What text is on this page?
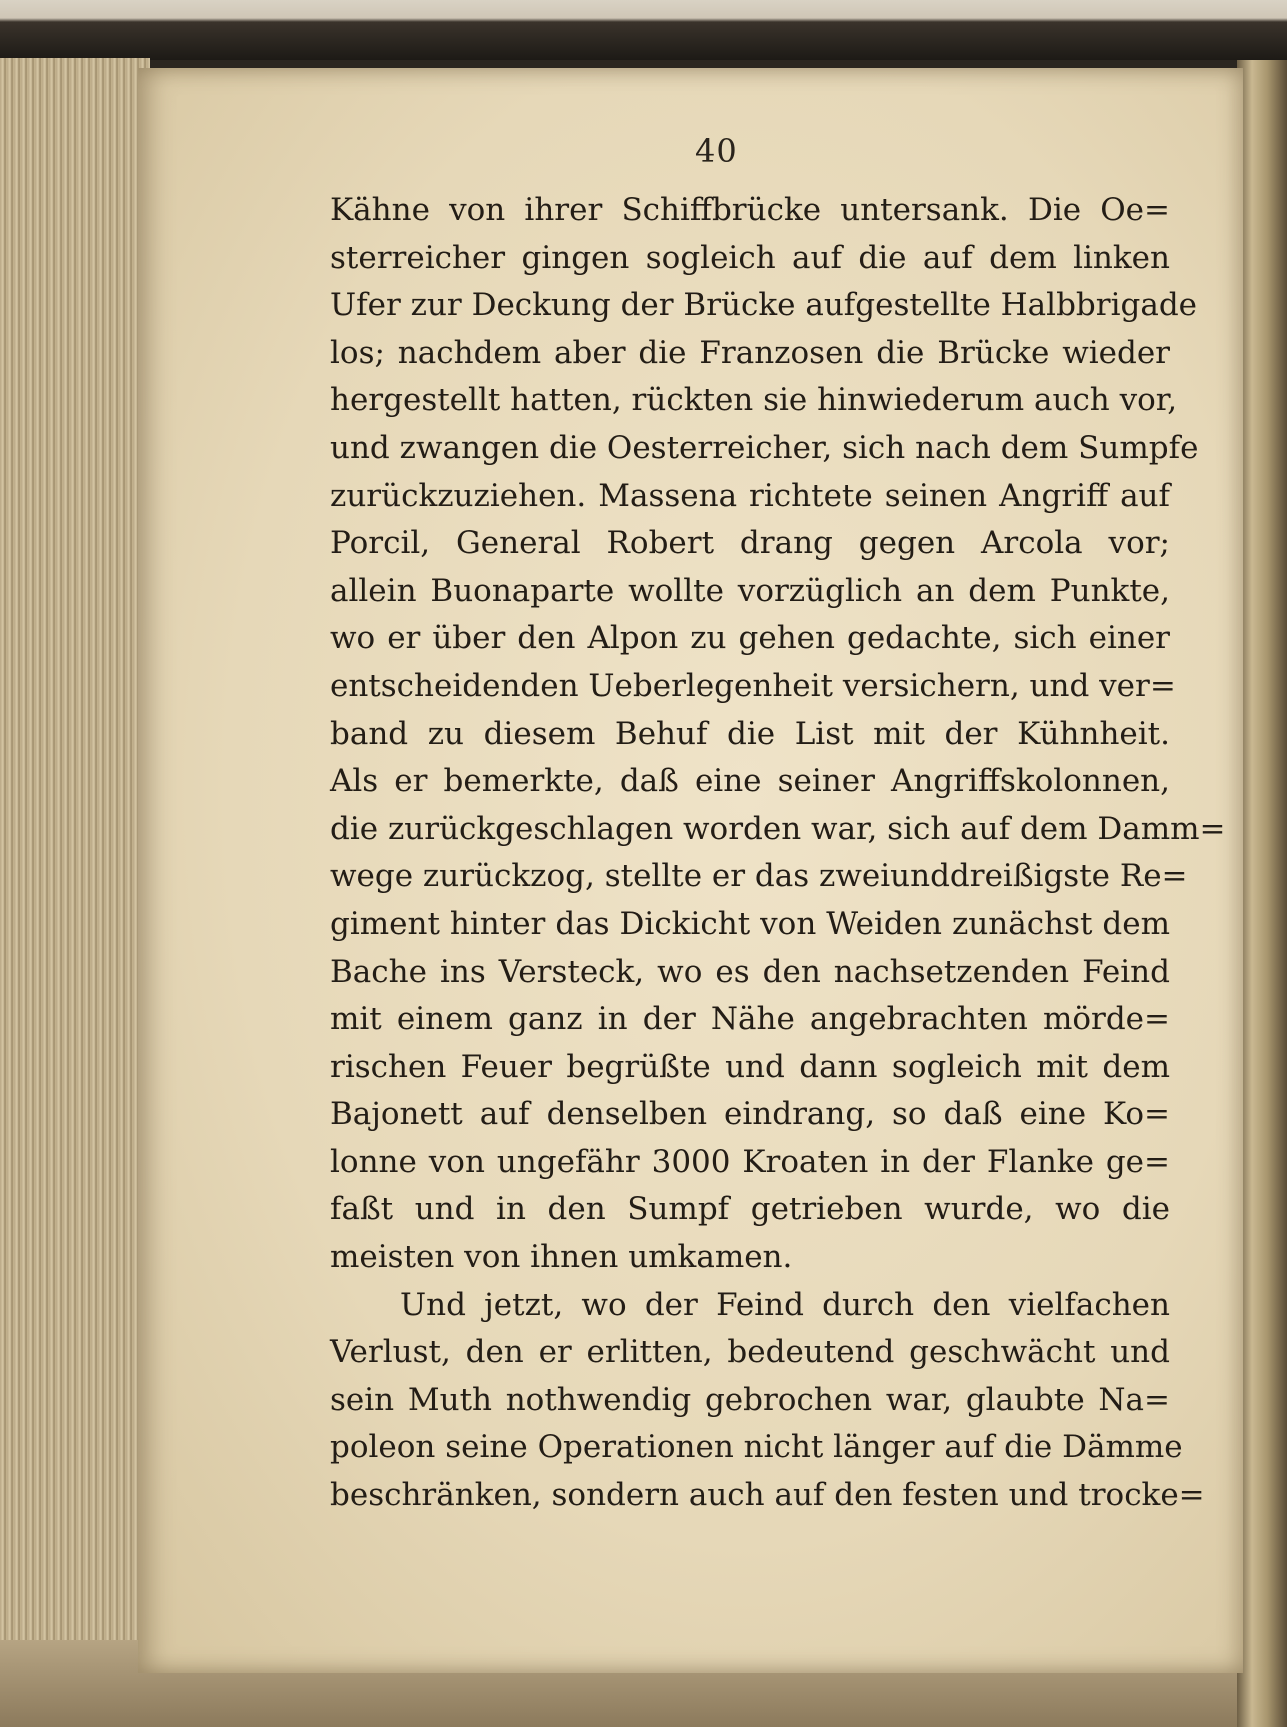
40
Kähne von ihrer Schiffbrücke untersank. Die Oe=
sterreicher gingen sogleich auf die auf dem linken
Ufer zur Deckung der Brücke aufgestellte Halbbrigade
los; nachdem aber die Franzosen die Brücke wieder
hergestellt hatten, rückten sie hinwiederum auch vor,
und zwangen die Oesterreicher, sich nach dem Sumpfe
zurückzuziehen. Massena richtete seinen Angriff auf
Porcil, General Robert drang gegen Arcola vor;
allein Buonaparte wollte vorzüglich an dem Punkte,
wo er über den Alpon zu gehen gedachte, sich einer
entscheidenden Ueberlegenheit versichern, und ver=
band zu diesem Behuf die List mit der Kühnheit.
Als er bemerkte, daß eine seiner Angriffskolonnen,
die zurückgeschlagen worden war, sich auf dem Damm=
wege zurückzog, stellte er das zweiunddreißigste Re=
giment hinter das Dickicht von Weiden zunächst dem
Bache ins Versteck, wo es den nachsetzenden Feind
mit einem ganz in der Nähe angebrachten mörde=
rischen Feuer begrüßte und dann sogleich mit dem
Bajonett auf denselben eindrang, so daß eine Ko=
lonne von ungefähr 3000 Kroaten in der Flanke ge=
faßt und in den Sumpf getrieben wurde, wo die
meisten von ihnen umkamen.
Und jetzt, wo der Feind durch den vielfachen
Verlust, den er erlitten, bedeutend geschwächt und
sein Muth nothwendig gebrochen war, glaubte Na=
poleon seine Operationen nicht länger auf die Dämme
beschränken, sondern auch auf den festen und trocke=
